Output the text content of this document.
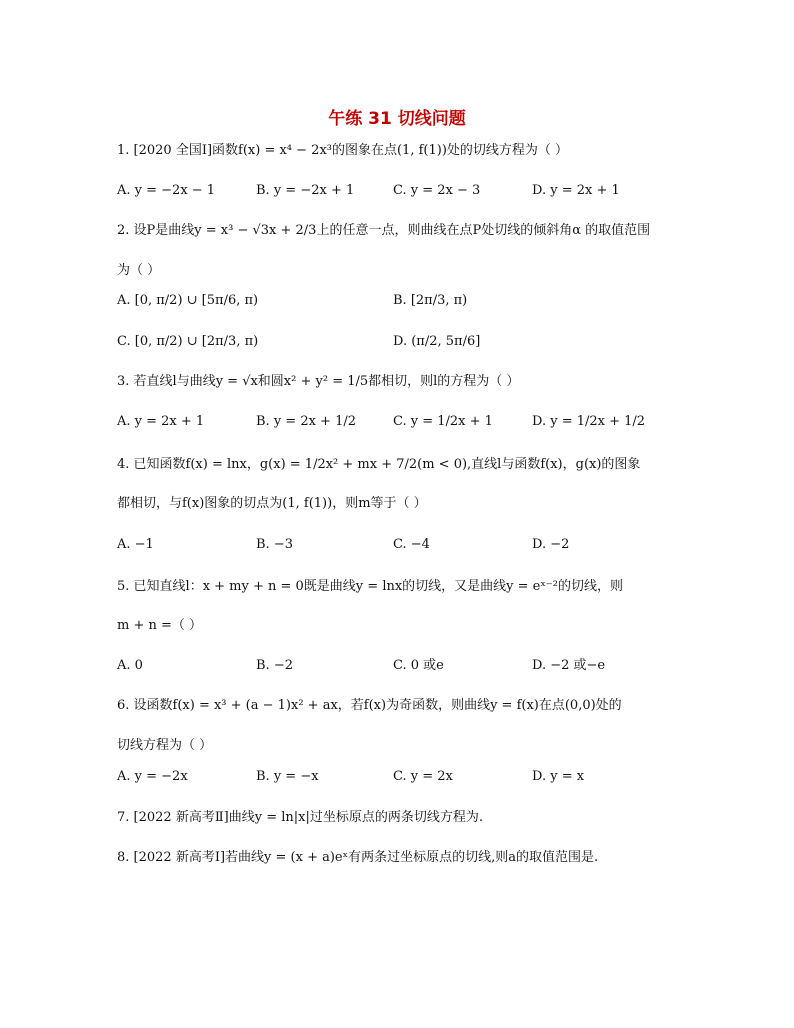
午练 31 切线问题
1. [2020 全国Ⅰ]函数f(x) = x⁴ − 2x³的图象在点(1, f(1))处的切线方程为（ ）
A. y = −2x − 1	B. y = −2x + 1	C. y = 2x − 3	D. y = 2x + 1
2. 设P是曲线y = x³ − √3x + 2/3上的任意一点，则曲线在点P处切线的倾斜角α 的取值范围
为（ ）
A. [0, π/2) ∪ [5π/6, π)	B. [2π/3, π)
C. [0, π/2) ∪ [2π/3, π)	D. (π/2, 5π/6]
3. 若直线l与曲线y = √x和圆x² + y² = 1/5都相切，则l的方程为（ ）
A. y = 2x + 1	B. y = 2x + 1/2	C. y = 1/2x + 1	D. y = 1/2x + 1/2
4. 已知函数f(x) = lnx，g(x) = 1/2x² + mx + 7/2(m < 0),直线l与函数f(x)，g(x)的图象
都相切，与f(x)图象的切点为(1, f(1))，则m等于（ ）
A. −1	B. −3	C. −4	D. −2
5. 已知直线l：x + my + n = 0既是曲线y = lnx的切线，又是曲线y = eˣ⁻²的切线，则
m + n =（ ）
A. 0	B. −2	C. 0 或e	D. −2 或−e
6. 设函数f(x) = x³ + (a − 1)x² + ax，若f(x)为奇函数，则曲线y = f(x)在点(0,0)处的
切线方程为（ ）
A. y = −2x	B. y = −x	C. y = 2x	D. y = x
7. [2022 新高考Ⅱ]曲线y = ln|x|过坐标原点的两条切线方程为.
8. [2022 新高考Ⅰ]若曲线y = (x + a)eˣ有两条过坐标原点的切线,则a的取值范围是.
